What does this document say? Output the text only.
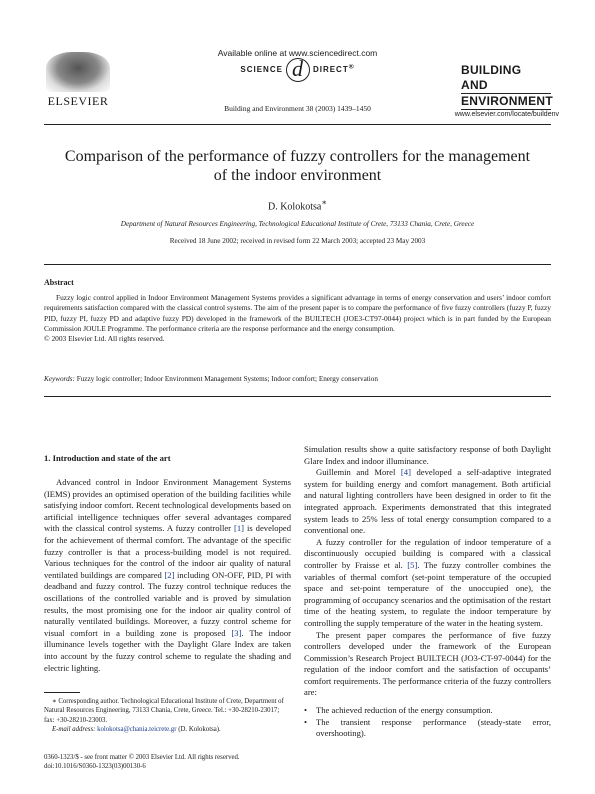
Available online at www.sciencedirect.com
SCIENCE d DIRECT®
ELSEVIER
Building and Environment 38 (2003) 1439–1450
BUILDING AND
ENVIRONMENT
www.elsevier.com/locate/buildenv
Comparison of the performance of fuzzy controllers for the management of the indoor environment
D. Kolokotsa∗
Department of Natural Resources Engineering, Technological Educational Institute of Crete, 73133 Chania, Crete, Greece
Received 18 June 2002; received in revised form 22 March 2003; accepted 23 May 2003
Abstract

Fuzzy logic control applied in Indoor Environment Management Systems provides a significant advantage in terms of energy conservation and users’ indoor comfort requirements satisfaction compared with the classical control systems. The aim of the present paper is to compare the performance of five fuzzy controllers (fuzzy P, fuzzy PID, fuzzy PI, fuzzy PD and adaptive fuzzy PD) developed in the framework of the BUILTECH (JOE3-CT97-0044) project which is in part funded by the European Commission JOULE Programme. The performance criteria are the response performance and the energy consumption.

© 2003 Elsevier Ltd. All rights reserved.

Keywords: Fuzzy logic controller; Indoor Environment Management Systems; Indoor comfort; Energy conservation
1. Introduction and state of the art

Advanced control in Indoor Environment Management Systems (IEMS) provides an optimised operation of the building facilities while satisfying indoor comfort. Recent technological developments based on artificial intelligence techniques offer several advantages compared with the classical control systems. A fuzzy controller [1] is developed for the achievement of thermal comfort. The advantage of the specific fuzzy controller is that a process-building model is not required. Various techniques for the control of the indoor air quality of natural ventilated buildings are compared [2] including ON-OFF, PID, PI with deadband and fuzzy control. The fuzzy control technique reduces the oscillations of the controlled variable and is proved by simulation results, the most promising one for the indoor air quality control of naturally ventilated buildings. Moreover, a fuzzy control scheme for visual comfort in a building zone is proposed [3]. The indoor illuminance levels together with the Daylight Glare Index are taken into account by the fuzzy control scheme to regulate the shading and electric lighting.

Simulation results show a quite satisfactory response of both Daylight Glare Index and indoor illuminance.

Guillemin and Morel [4] developed a self-adaptive integrated system for building energy and comfort management. Both artificial and natural lighting controllers have been designed in order to fit the integrated approach. Experiments demonstrated that this integrated system leads to 25% less of total energy consumption compared to a conventional one.

A fuzzy controller for the regulation of indoor temperature of a discontinuously occupied building is compared with a classical controller by Fraisse et al. [5]. The fuzzy controller combines the variables of thermal comfort (set-point temperature of the occupied space and set-point temperature of the unoccupied one), the programming of occupancy scenarios and the optimisation of the restart time of the heating system, to regulate the indoor temperature by controlling the supply temperature of the water in the heating system.

The present paper compares the performance of five fuzzy controllers developed under the framework of the European Commission’s Research Project BUILTECH (JO3-CT-97-0044) for the regulation of the indoor comfort and the satisfaction of occupants’ comfort requirements. The performance criteria of the fuzzy controllers are:

• The achieved reduction of the energy consumption.

• The transient response performance (steady-state error, overshooting).

∗ Corresponding author. Technological Educational Institute of Crete, Department of Natural Resources Engineering, 73133 Chania, Crete, Greece. Tel.: +30-28210-23017; fax: +30-28210-23003.

E-mail address: kolokotsa@chania.teicrete.gr (D. Kolokotsa).

0360-1323/$ - see front matter © 2003 Elsevier Ltd. All rights reserved.
doi:10.1016/S0360-1323(03)00130-6
